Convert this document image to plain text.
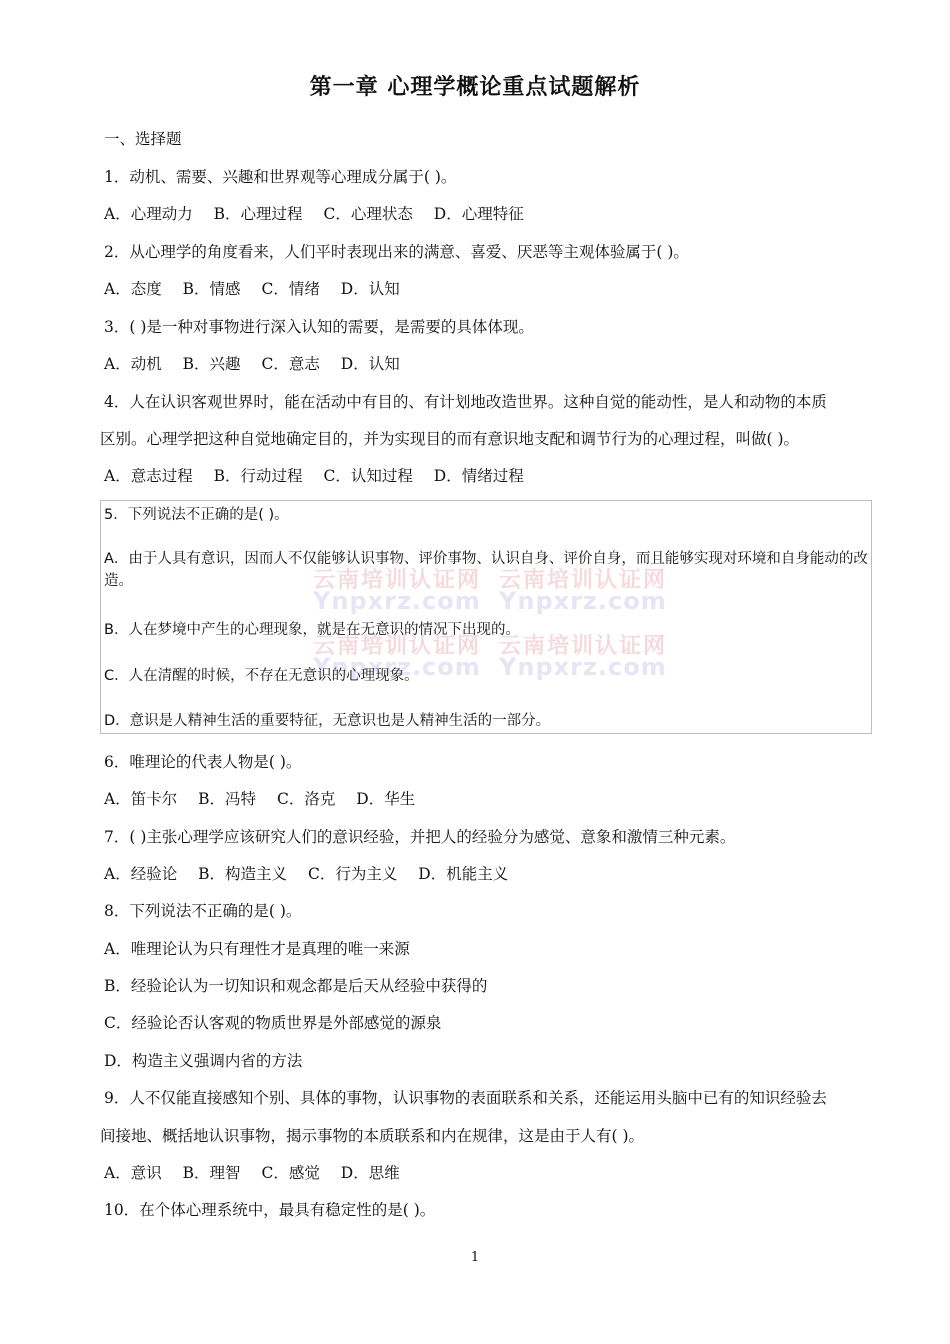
第一章 心理学概论重点试题解析

一、选择题

1．动机、需要、兴趣和世界观等心理成分属于( )。

A．心理动力 B．心理过程 C．心理状态 D．心理特征

2．从心理学的角度看来，人们平时表现出来的满意、喜爱、厌恶等主观体验属于( )。

A．态度 B．情感 C．情绪 D．认知

3．( )是一种对事物进行深入认知的需要，是需要的具体体现。

A．动机 B．兴趣 C．意志 D．认知

4．人在认识客观世界时，能在活动中有目的、有计划地改造世界。这种自觉的能动性，是人和动物的本质

区别。心理学把这种自觉地确定目的，并为实现目的而有意识地支配和调节行为的心理过程，叫做( )。

A．意志过程 B．行动过程 C．认知过程 D．情绪过程

5．下列说法不正确的是( )。
A．由于人具有意识，因而人不仅能够认识事物、评价事物、认识自身、评价自身，而且能够实现对环境和自身能动的改造。
B．人在梦境中产生的心理现象，就是在无意识的情况下出现的。
C．人在清醒的时候，不存在无意识的心理现象。
D．意识是人精神生活的重要特征，无意识也是人精神生活的一部分。
云南培训认证网 云南培训认证网
Ynpxrz.com Ynpxrz.com
云南培训认证网 云南培训认证网
Ynpxrz.com Ynpxrz.com

6．唯理论的代表人物是( )。

A．笛卡尔 B．冯特 C．洛克 D．华生

7．( )主张心理学应该研究人们的意识经验，并把人的经验分为感觉、意象和激情三种元素。

A．经验论 B．构造主义 C．行为主义 D．机能主义

8．下列说法不正确的是( )。

A．唯理论认为只有理性才是真理的唯一来源

B．经验论认为一切知识和观念都是后天从经验中获得的

C．经验论否认客观的物质世界是外部感觉的源泉

D．构造主义强调内省的方法

9．人不仅能直接感知个别、具体的事物，认识事物的表面联系和关系，还能运用头脑中已有的知识经验去

间接地、概括地认识事物，揭示事物的本质联系和内在规律，这是由于人有( )。

A．意识 B．理智 C．感觉 D．思维

10．在个体心理系统中，最具有稳定性的是( )。

1
